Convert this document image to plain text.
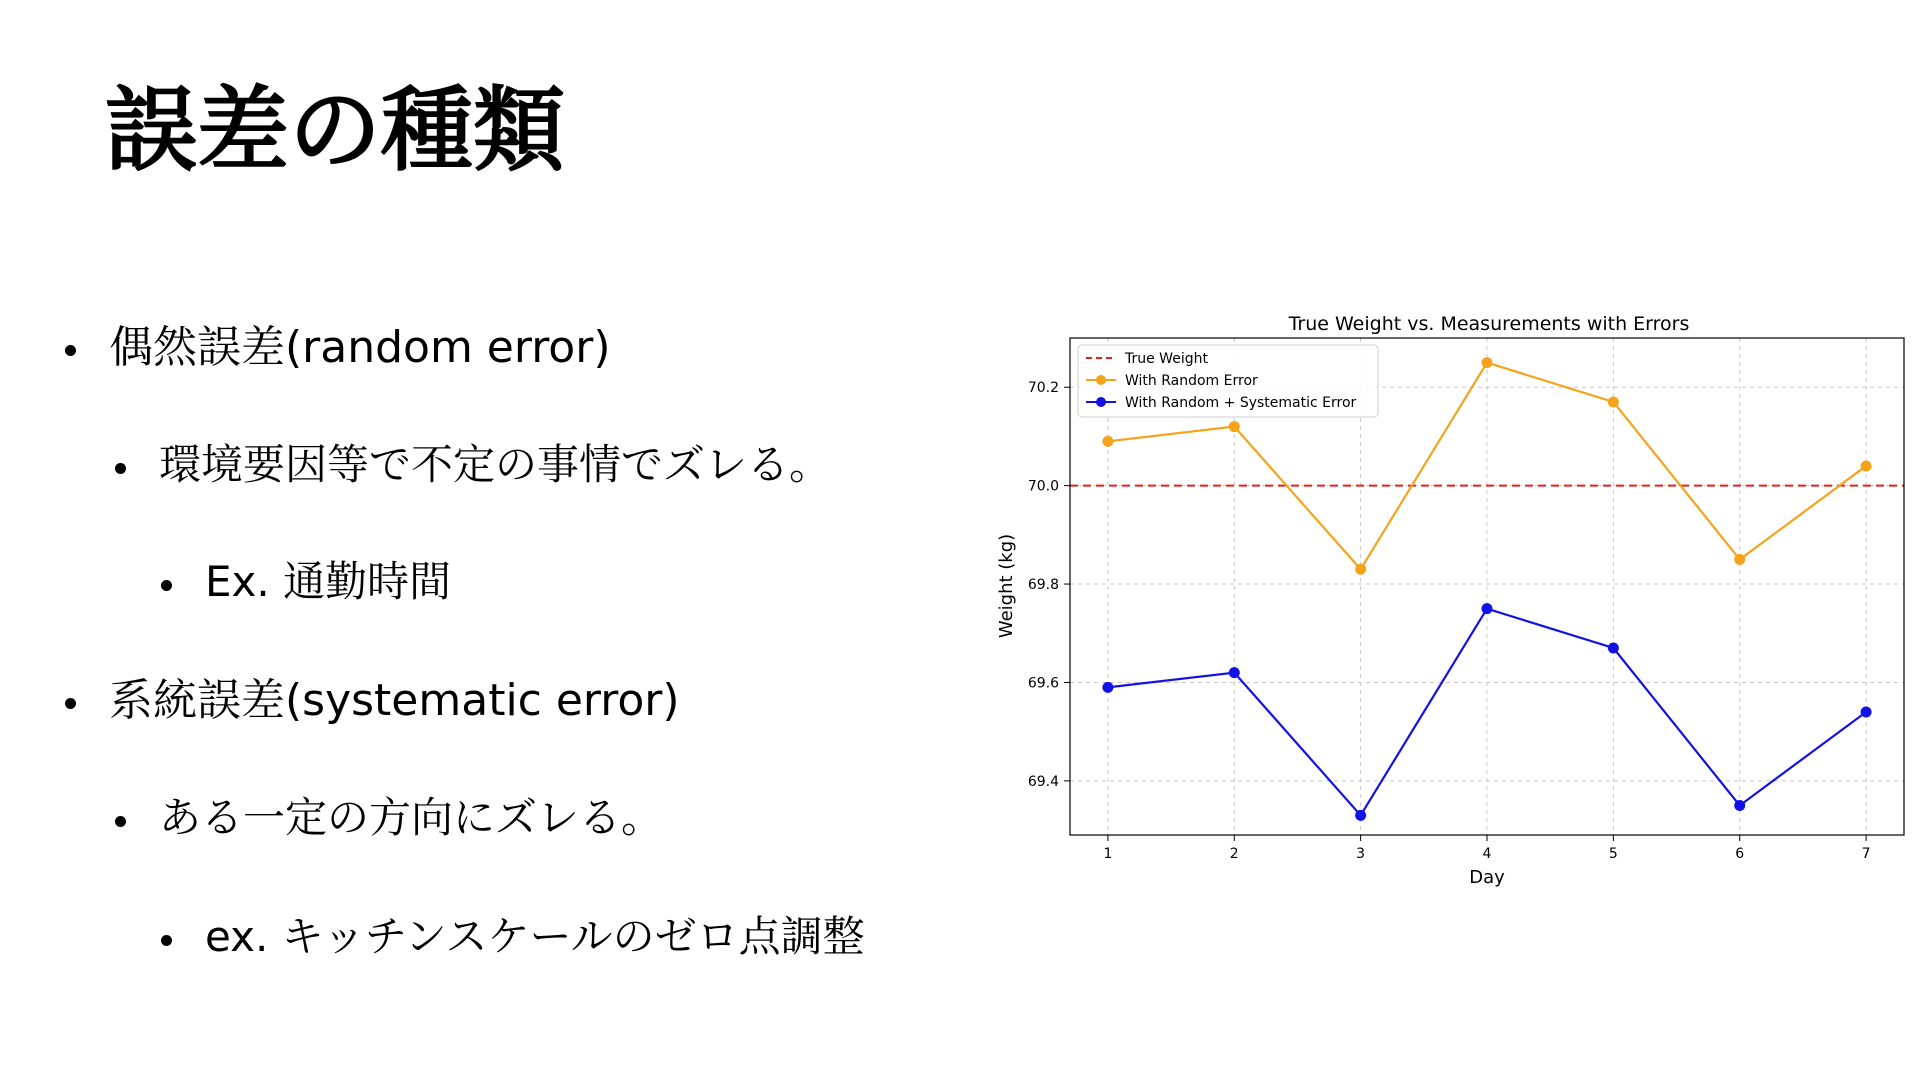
誤差の種類
偶然誤差(random error)
環境要因等で不定の事情でズレる。
Ex. 通勤時間
系統誤差(systematic error)
ある一定の方向にズレる。
ex. キッチンスケールのゼロ点調整
True Weight vs. Measurements with Errors
1	2	3	4	5	6	7
69.4
69.6
69.8
70.0
70.2
Day
Weight (kg)
True Weight
With Random Error
With Random + Systematic Error
